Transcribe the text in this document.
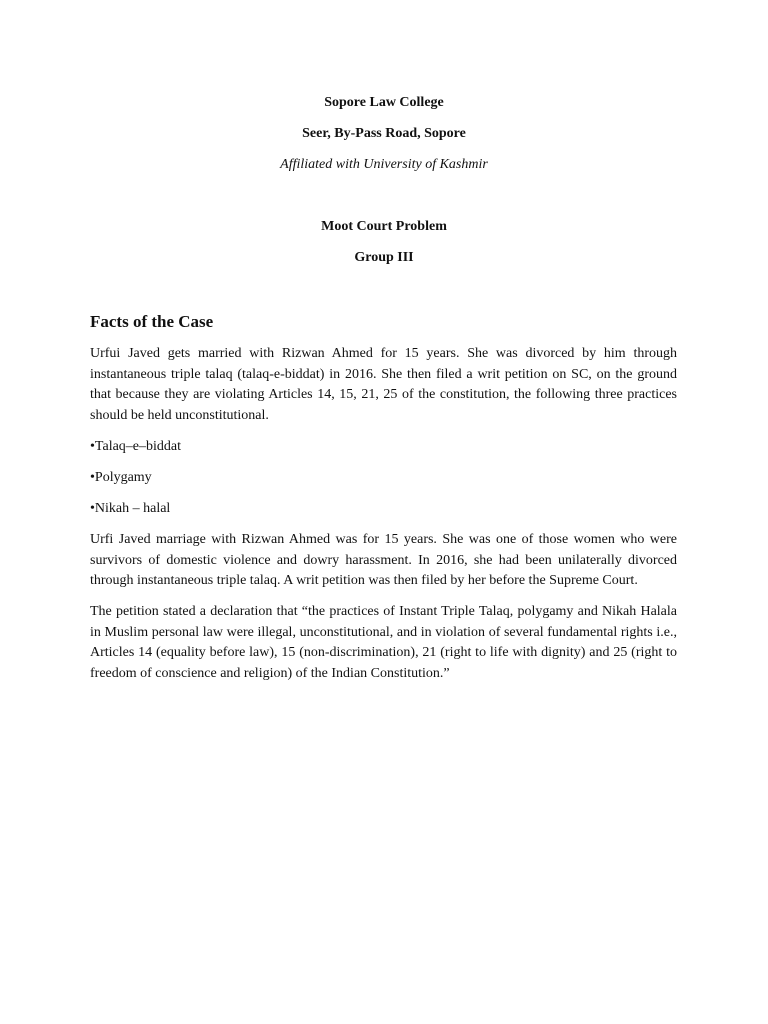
Sopore Law College
Seer, By-Pass Road, Sopore
Affiliated with University of Kashmir
Moot Court Problem
Group III
Facts of the Case
Urfui Javed gets married with Rizwan Ahmed for 15 years. She was divorced by him through instantaneous triple talaq (talaq-e-biddat) in 2016. She then filed a writ petition on SC, on the ground that because they are violating Articles 14, 15, 21, 25 of the constitution, the following three practices should be held unconstitutional.
•Talaq–e–biddat
•Polygamy
•Nikah – halal
Urfi Javed marriage with Rizwan Ahmed was for 15 years. She was one of those women who were survivors of domestic violence and dowry harassment. In 2016, she had been unilaterally divorced through instantaneous triple talaq. A writ petition was then filed by her before the Supreme Court.
The petition stated a declaration that “the practices of Instant Triple Talaq, polygamy and Nikah Halala in Muslim personal law were illegal, unconstitutional, and in violation of several fundamental rights i.e., Articles 14 (equality before law), 15 (non-discrimination), 21 (right to life with dignity) and 25 (right to freedom of conscience and religion) of the Indian Constitution.”
